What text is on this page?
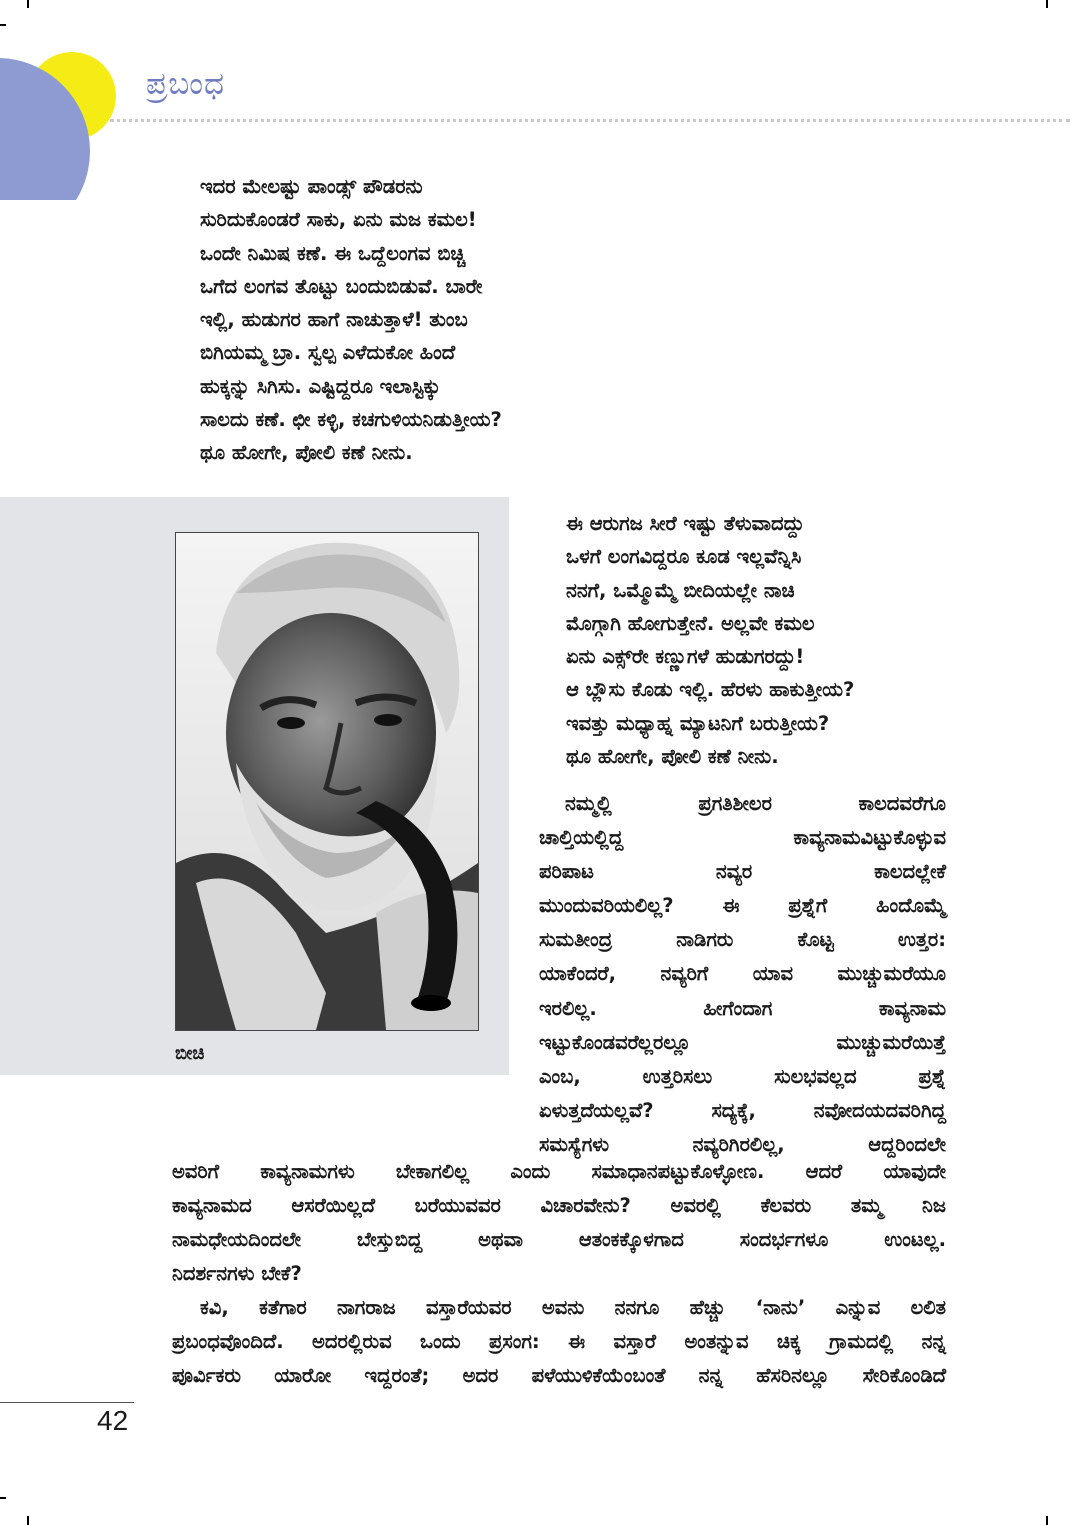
ಪ್ರಬಂಧ
ಇದರ ಮೇಲಷ್ಟು ಪಾಂಡ್ಸ್ ಪೌಡರನು
ಸುರಿದುಕೊಂಡರೆ ಸಾಕು, ಏನು ಮಜ ಕಮಲ!
ಒಂದೇ ನಿಮಿಷ ಕಣೆ. ಈ ಒದ್ದೆಲಂಗವ ಬಿಚ್ಚಿ
ಒಗೆದ ಲಂಗವ ತೊಟ್ಟು ಬಂದುಬಿಡುವೆ. ಬಾರೇ
ಇಲ್ಲಿ, ಹುಡುಗರ ಹಾಗೆ ನಾಚುತ್ತಾಳೆ! ತುಂಬ
ಬಿಗಿಯಮ್ಮ ಬ್ರಾ. ಸ್ವಲ್ಪ ಎಳೆದುಕೋ ಹಿಂದೆ
ಹುಕ್ಕನ್ನು ಸಿಗಿಸು. ಎಷ್ಟಿದ್ದರೂ ಇಲಾಸ್ಟಿಕ್ಕು
ಸಾಲದು ಕಣೆ. ಛೀ ಕಳ್ಳಿ, ಕಚಗುಳಿಯನಿಡುತ್ತೀಯ?
ಥೂ ಹೋಗೇ, ಪೋಲಿ ಕಣೆ ನೀನು.
ಬೀಚಿ
ಈ ಆರುಗಜ ಸೀರೆ ಇಷ್ಟು ತೆಳುವಾದದ್ದು
ಒಳಗೆ ಲಂಗವಿದ್ದರೂ ಕೂಡ ಇಲ್ಲವೆನ್ನಿಸಿ
ನನಗೆ, ಒಮ್ಮೊಮ್ಮೆ ಬೀದಿಯಲ್ಲೇ ನಾಚಿ
ಮೊಗ್ಗಾಗಿ ಹೋಗುತ್ತೇನೆ. ಅಲ್ಲವೇ ಕಮಲ
ಏನು ಎಕ್ಸ್‌ರೇ ಕಣ್ಣುಗಳೆ ಹುಡುಗರದ್ದು!
ಆ ಬ್ಲೌಸು ಕೊಡು ಇಲ್ಲಿ. ಹೆರಳು ಹಾಕುತ್ತೀಯ?
ಇವತ್ತು ಮಧ್ಯಾಹ್ನ ಮ್ಯಾಟನಿಗೆ ಬರುತ್ತೀಯ?
ಥೂ ಹೋಗೇ, ಪೋಲಿ ಕಣೆ ನೀನು.

ನಮ್ಮಲ್ಲಿ ಪ್ರಗತಿಶೀಲರ ಕಾಲದವರೆಗೂ
ಚಾಲ್ತಿಯಲ್ಲಿದ್ದ ಕಾವ್ಯನಾಮವಿಟ್ಟುಕೊಳ್ಳುವ
ಪರಿಪಾಟ ನವ್ಯರ ಕಾಲದಲ್ಲೇಕೆ
ಮುಂದುವರಿಯಲಿಲ್ಲ? ಈ ಪ್ರಶ್ನೆಗೆ ಹಿಂದೊಮ್ಮೆ
ಸುಮತೀಂದ್ರ ನಾಡಿಗರು ಕೊಟ್ಟ ಉತ್ತರ:
ಯಾಕೆಂದರೆ, ನವ್ಯರಿಗೆ ಯಾವ ಮುಚ್ಚುಮರೆಯೂ
ಇರಲಿಲ್ಲ. ಹೀಗೆಂದಾಗ ಕಾವ್ಯನಾಮ
ಇಟ್ಟುಕೊಂಡವರೆಲ್ಲರಲ್ಲೂ ಮುಚ್ಚುಮರೆಯಿತ್ತೆ
ಎಂಬ, ಉತ್ತರಿಸಲು ಸುಲಭವಲ್ಲದ ಪ್ರಶ್ನೆ
ಏಳುತ್ತದೆಯಲ್ಲವೆ? ಸದ್ಯಕ್ಕೆ, ನವೋದಯದವರಿಗಿದ್ದ
ಸಮಸ್ಯೆಗಳು ನವ್ಯರಿಗಿರಲಿಲ್ಲ, ಆದ್ದರಿಂದಲೇ

ಅವರಿಗೆ ಕಾವ್ಯನಾಮಗಳು ಬೇಕಾಗಲಿಲ್ಲ ಎಂದು ಸಮಾಧಾನಪಟ್ಟುಕೊಳ್ಳೋಣ. ಆದರೆ ಯಾವುದೇ
ಕಾವ್ಯನಾಮದ ಆಸರೆಯಿಲ್ಲದೆ ಬರೆಯುವವರ ವಿಚಾರವೇನು? ಅವರಲ್ಲಿ ಕೆಲವರು ತಮ್ಮ ನಿಜ
ನಾಮಧೇಯದಿಂದಲೇ ಬೇಸ್ತುಬಿದ್ದ ಅಥವಾ ಆತಂಕಕ್ಕೊಳಗಾದ ಸಂದರ್ಭಗಳೂ ಉಂಟಲ್ಲ.
ನಿದರ್ಶನಗಳು ಬೇಕೆ?

ಕವಿ, ಕತೆಗಾರ ನಾಗರಾಜ ವಸ್ತಾರೆಯವರ ಅವನು ನನಗೂ ಹೆಚ್ಚು ‘ನಾನು’ ಎನ್ನುವ ಲಲಿತ
ಪ್ರಬಂಧವೊಂದಿದೆ. ಅದರಲ್ಲಿರುವ ಒಂದು ಪ್ರಸಂಗ: ಈ ವಸ್ತಾರೆ ಅಂತನ್ನುವ ಚಿಕ್ಕ ಗ್ರಾಮದಲ್ಲಿ ನನ್ನ
ಪೂರ್ವಿಕರು ಯಾರೋ ಇದ್ದರಂತೆ; ಅದರ ಪಳೆಯುಳಿಕೆಯೆಂಬಂತೆ ನನ್ನ ಹೆಸರಿನಲ್ಲೂ ಸೇರಿಕೊಂಡಿದೆ

42
